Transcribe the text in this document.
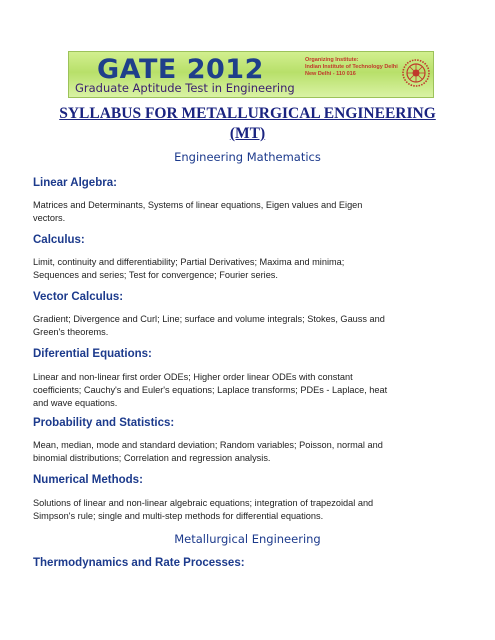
GATE 2012
Graduate Aptitude Test in Engineering
Organizing Institute:
Indian Institute of Technology Delhi
New Delhi - 110 016
SYLLABUS FOR METALLURGICAL ENGINEERING
(MT)
Engineering Mathematics
Linear Algebra:
Matrices and Determinants, Systems of linear equations, Eigen values and Eigen
vectors.
Calculus:
Limit, continuity and differentiability; Partial Derivatives; Maxima and minima;
Sequences and series; Test for convergence; Fourier series.
Vector Calculus:
Gradient; Divergence and Curl; Line; surface and volume integrals; Stokes, Gauss and
Green's theorems.
Diferential Equations:
Linear and non-linear first order ODEs; Higher order linear ODEs with constant
coefficients; Cauchy's and Euler's equations; Laplace transforms; PDEs - Laplace, heat
and wave equations.
Probability and Statistics:
Mean, median, mode and standard deviation; Random variables; Poisson, normal and
binomial distributions; Correlation and regression analysis.
Numerical Methods:
Solutions of linear and non-linear algebraic equations; integration of trapezoidal and
Simpson's rule; single and multi-step methods for differential equations.
Metallurgical Engineering
Thermodynamics and Rate Processes:
